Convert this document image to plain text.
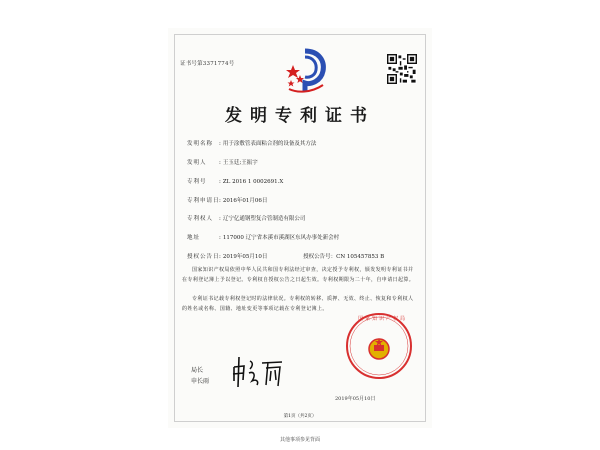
证书号第3371774号
发明专利证书
发明名称 : 用于涂敷管表面粘合剂的设备及其方法
发明人 : 王玉廷;王振宇
专利号 : ZL 2016 1 0002691.X
专利申请日: 2016年01月06日
专利权人 : 辽宁亿通钢塑复合管制造有限公司
地址	: 117000 辽宁省本溪市溪湖区东风办事处新会村
授权公告日: 2019年05月10日	授权公告号：CN 105457853 B
国家知识产权局依照中华人民共和国专利法经过审查，决定授予专利权，颁发发明专利证书并在专利登记簿上予以登记。专利权自授权公告之日起生效。专利权期限为二十年，自申请日起算。
专利证书记载专利权登记时的法律状况。专利权的转移、质押、无效、终止、恢复和专利权人的姓名或名称、国籍、地址变更等事项记载在专利登记簿上。
局长
申长雨
国家知识产权局
2019年05月10日
第1页（共2页）
其他事项参见背面
